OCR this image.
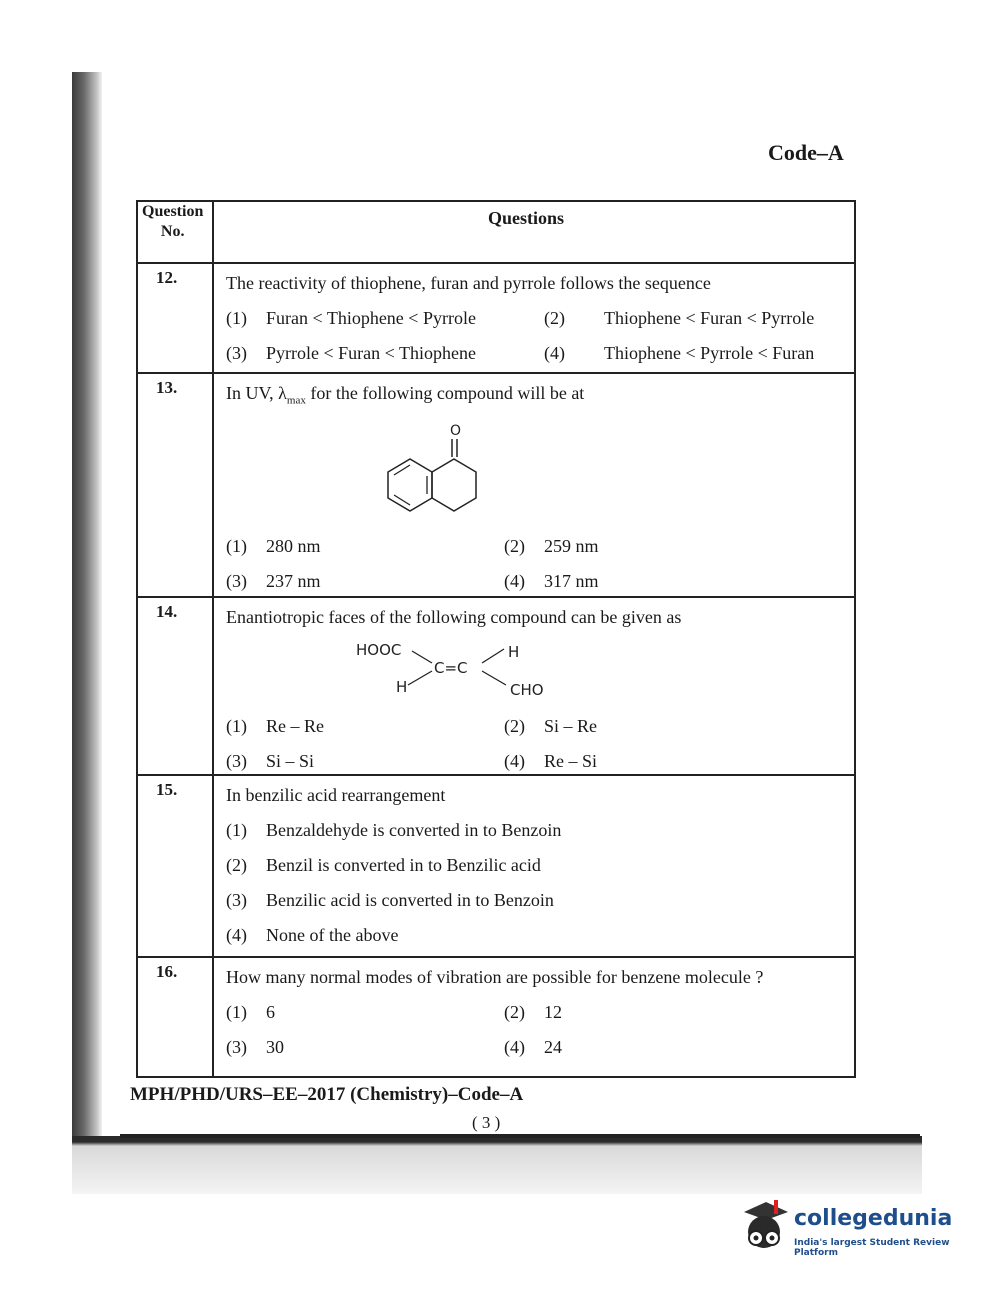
Code–A
Question
No.
Questions
12.	The reactivity of thiophene, furan and pyrrole follows the sequence
(1) Furan < Thiophene < Pyrrole	(2) Thiophene < Furan < Pyrrole
(3) Pyrrole < Furan < Thiophene	(4) Thiophene < Pyrrole < Furan
13.	In UV, $\lambda_{max}$ for the following compound will be at
O
(1) 280 nm	(2) 259 nm
(3) 237 nm	(4) 317 nm
14.	Enantiotropic faces of the following compound can be given as
HOOC
H
C=C
H
CHO
(1) Re – Re	(2) Si – Re
(3) Si – Si	(4) Re – Si
15.	In benzilic acid rearrangement
(1) Benzaldehyde is converted in to Benzoin
(2) Benzil is converted in to Benzilic acid
(3) Benzilic acid is converted in to Benzoin
(4) None of the above
16.	How many normal modes of vibration are possible for benzene molecule ?
(1) 6	(2) 12
(3) 30	(4) 24
MPH/PHD/URS–EE–2017 (Chemistry)–Code–A
( 3 )
collegedunia
India's largest Student Review Platform
